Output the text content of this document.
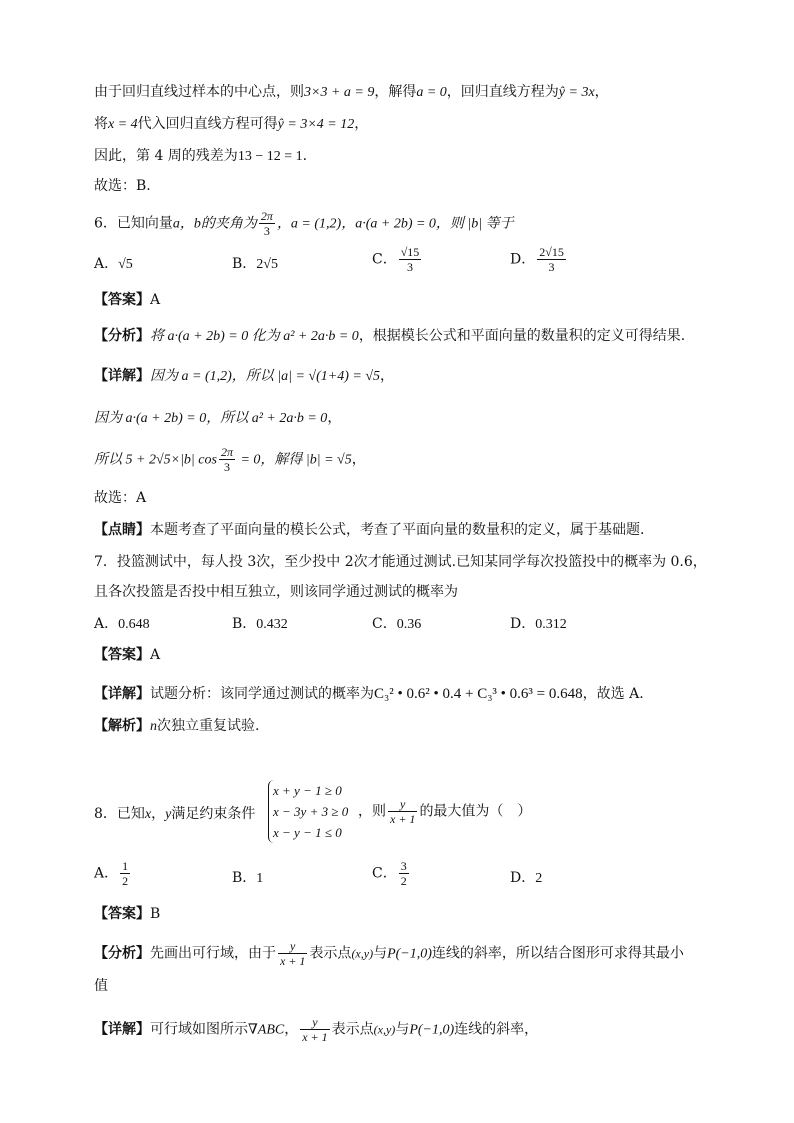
由于回归直线过样本的中心点，则3×3 + a = 9，解得a = 0，回归直线方程为ŷ = 3x，
将x = 4代入回归直线方程可得ŷ = 3×4 = 12，
因此，第 4 周的残差为13 − 12 = 1.
故选：B.
6．已知向量a，b的夹角为 $\frac{2\pi}{3}$ ，a = (1,2)，a·(a + 2b) = 0，则 |b| 等于
A．√5	B．2√5	C． $\frac{√15}{3}$	D． $\frac{2√15}{3}$
【答案】A
【分析】将 a·(a + 2b) = 0 化为 a² + 2a·b = 0，根据模长公式和平面向量的数量积的定义可得结果.
【详解】因为 a = (1,2)，所以 |a| = √(1+4) = √5，
因为 a·(a + 2b) = 0，所以 a² + 2a·b = 0，
所以 5 + 2√5×|b| $\cos \frac{2\pi}{3} = 0$，解得 |b| = √5，
故选：A
【点睛】本题考查了平面向量的模长公式，考查了平面向量的数量积的定义，属于基础题.
7．投篮测试中，每人投 3次，至少投中 2次才能通过测试.已知某同学每次投篮投中的概率为 0.6，
且各次投篮是否投中相互独立，则该同学通过测试的概率为
A．0.648	B．0.432	C．0.36	D．0.312
【答案】A
【详解】试题分析：该同学通过测试的概率为C₃² • 0.6² • 0.4 + C₃³ • 0.6³ = 0.648，故选 A.
【解析】n次独立重复试验.
8．已知x，y满足约束条件
x + y − 1 ≥ 0
x − 3y + 3 ≥ 0
x − y − 1 ≤ 0
，则 $\frac{y}{x + 1}$ 的最大值为（　）
A． $\frac{1}{2}$	B．1	C． $\frac{3}{2}$	D．2
【答案】B
【分析】先画出可行域，由于 $\frac{y}{x + 1}$ 表示点(x,y)与P(−1,0)连线的斜率，所以结合图形可求得其最小
值
【详解】可行域如图所示∇ABC， $\frac{y}{x + 1}$ 表示点(x,y)与P(−1,0)连线的斜率，
